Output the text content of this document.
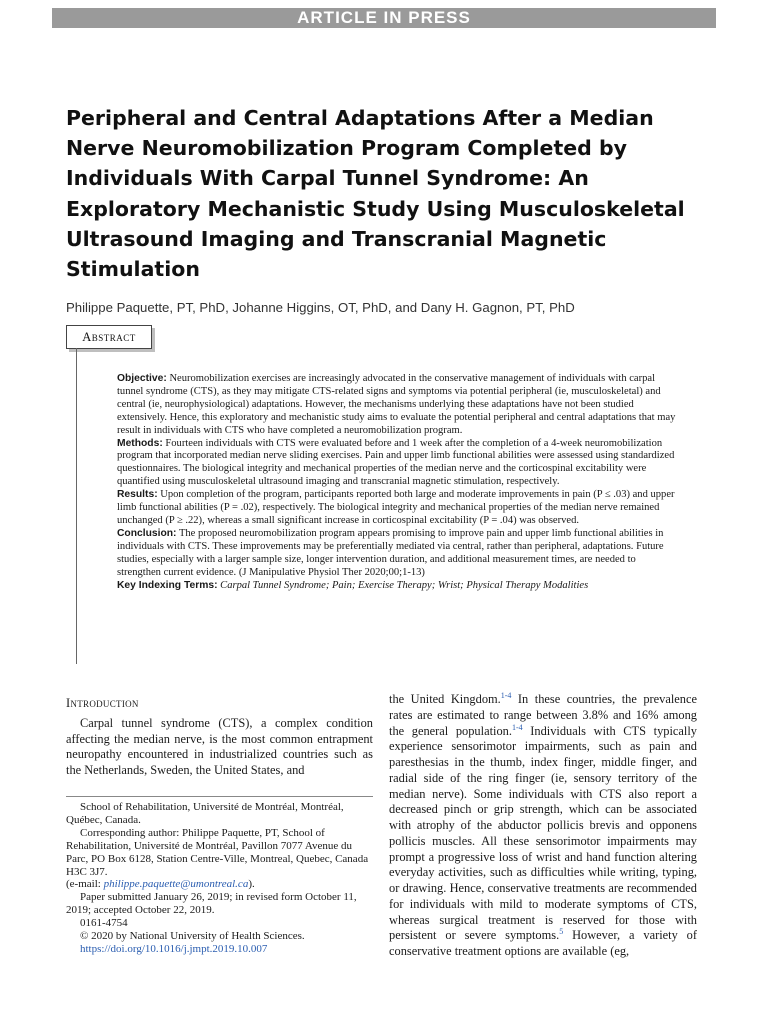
ARTICLE IN PRESS
Peripheral and Central Adaptations After a Median Nerve Neuromobilization Program Completed by Individuals With Carpal Tunnel Syndrome: An Exploratory Mechanistic Study Using Musculoskeletal Ultrasound Imaging and Transcranial Magnetic Stimulation
Philippe Paquette, PT, PhD, Johanne Higgins, OT, PhD, and Dany H. Gagnon, PT, PhD
Abstract

Objective: Neuromobilization exercises are increasingly advocated in the conservative management of individuals with carpal tunnel syndrome (CTS), as they may mitigate CTS-related signs and symptoms via potential peripheral (ie, musculoskeletal) and central (ie, neurophysiological) adaptations. However, the mechanisms underlying these adaptations have not been studied extensively. Hence, this exploratory and mechanistic study aims to evaluate the potential peripheral and central adaptations that may result in individuals with CTS who have completed a neuromobilization program.

Methods: Fourteen individuals with CTS were evaluated before and 1 week after the completion of a 4-week neuromobilization program that incorporated median nerve sliding exercises. Pain and upper limb functional abilities were assessed using standardized questionnaires. The biological integrity and mechanical properties of the median nerve and the corticospinal excitability were quantified using musculoskeletal ultrasound imaging and transcranial magnetic stimulation, respectively.

Results: Upon completion of the program, participants reported both large and moderate improvements in pain (P ≤ .03) and upper limb functional abilities (P = .02), respectively. The biological integrity and mechanical properties of the median nerve remained unchanged (P ≥ .22), whereas a small significant increase in corticospinal excitability (P = .04) was observed.

Conclusion: The proposed neuromobilization program appears promising to improve pain and upper limb functional abilities in individuals with CTS. These improvements may be preferentially mediated via central, rather than peripheral, adaptations. Future studies, especially with a larger sample size, longer intervention duration, and additional measurement times, are needed to strengthen current evidence. (J Manipulative Physiol Ther 2020;00;1-13)

Key Indexing Terms: Carpal Tunnel Syndrome; Pain; Exercise Therapy; Wrist; Physical Therapy Modalities

Introduction

Carpal tunnel syndrome (CTS), a complex condition affecting the median nerve, is the most common entrapment neuropathy encountered in industrialized countries such as the Netherlands, Sweden, the United States, and

School of Rehabilitation, Université de Montréal, Montréal, Québec, Canada.

Corresponding author: Philippe Paquette, PT, School of Rehabilitation, Université de Montréal, Pavillon 7077 Avenue du Parc, PO Box 6128, Station Centre-Ville, Montreal, Quebec, Canada H3C 3J7.

(e-mail: philippe.paquette@umontreal.ca).

Paper submitted January 26, 2019; in revised form October 11, 2019; accepted October 22, 2019.

0161-4754

© 2020 by National University of Health Sciences.

https://doi.org/10.1016/j.jmpt.2019.10.007

the United Kingdom.$^{1-4}$ In these countries, the prevalence rates are estimated to range between 3.8% and 16% among the general population.$^{1-4}$ Individuals with CTS typically experience sensorimotor impairments, such as pain and paresthesias in the thumb, index finger, middle finger, and radial side of the ring finger (ie, sensory territory of the median nerve). Some individuals with CTS also report a decreased pinch or grip strength, which can be associated with atrophy of the abductor pollicis brevis and opponens pollicis muscles. All these sensorimotor impairments may prompt a progressive loss of wrist and hand function altering everyday activities, such as difficulties while writing, typing, or drawing. Hence, conservative treatments are recommended for individuals with mild to moderate symptoms of CTS, whereas surgical treatment is reserved for those with persistent or severe symptoms.$^5$ However, a variety of conservative treatment options are available (eg,
